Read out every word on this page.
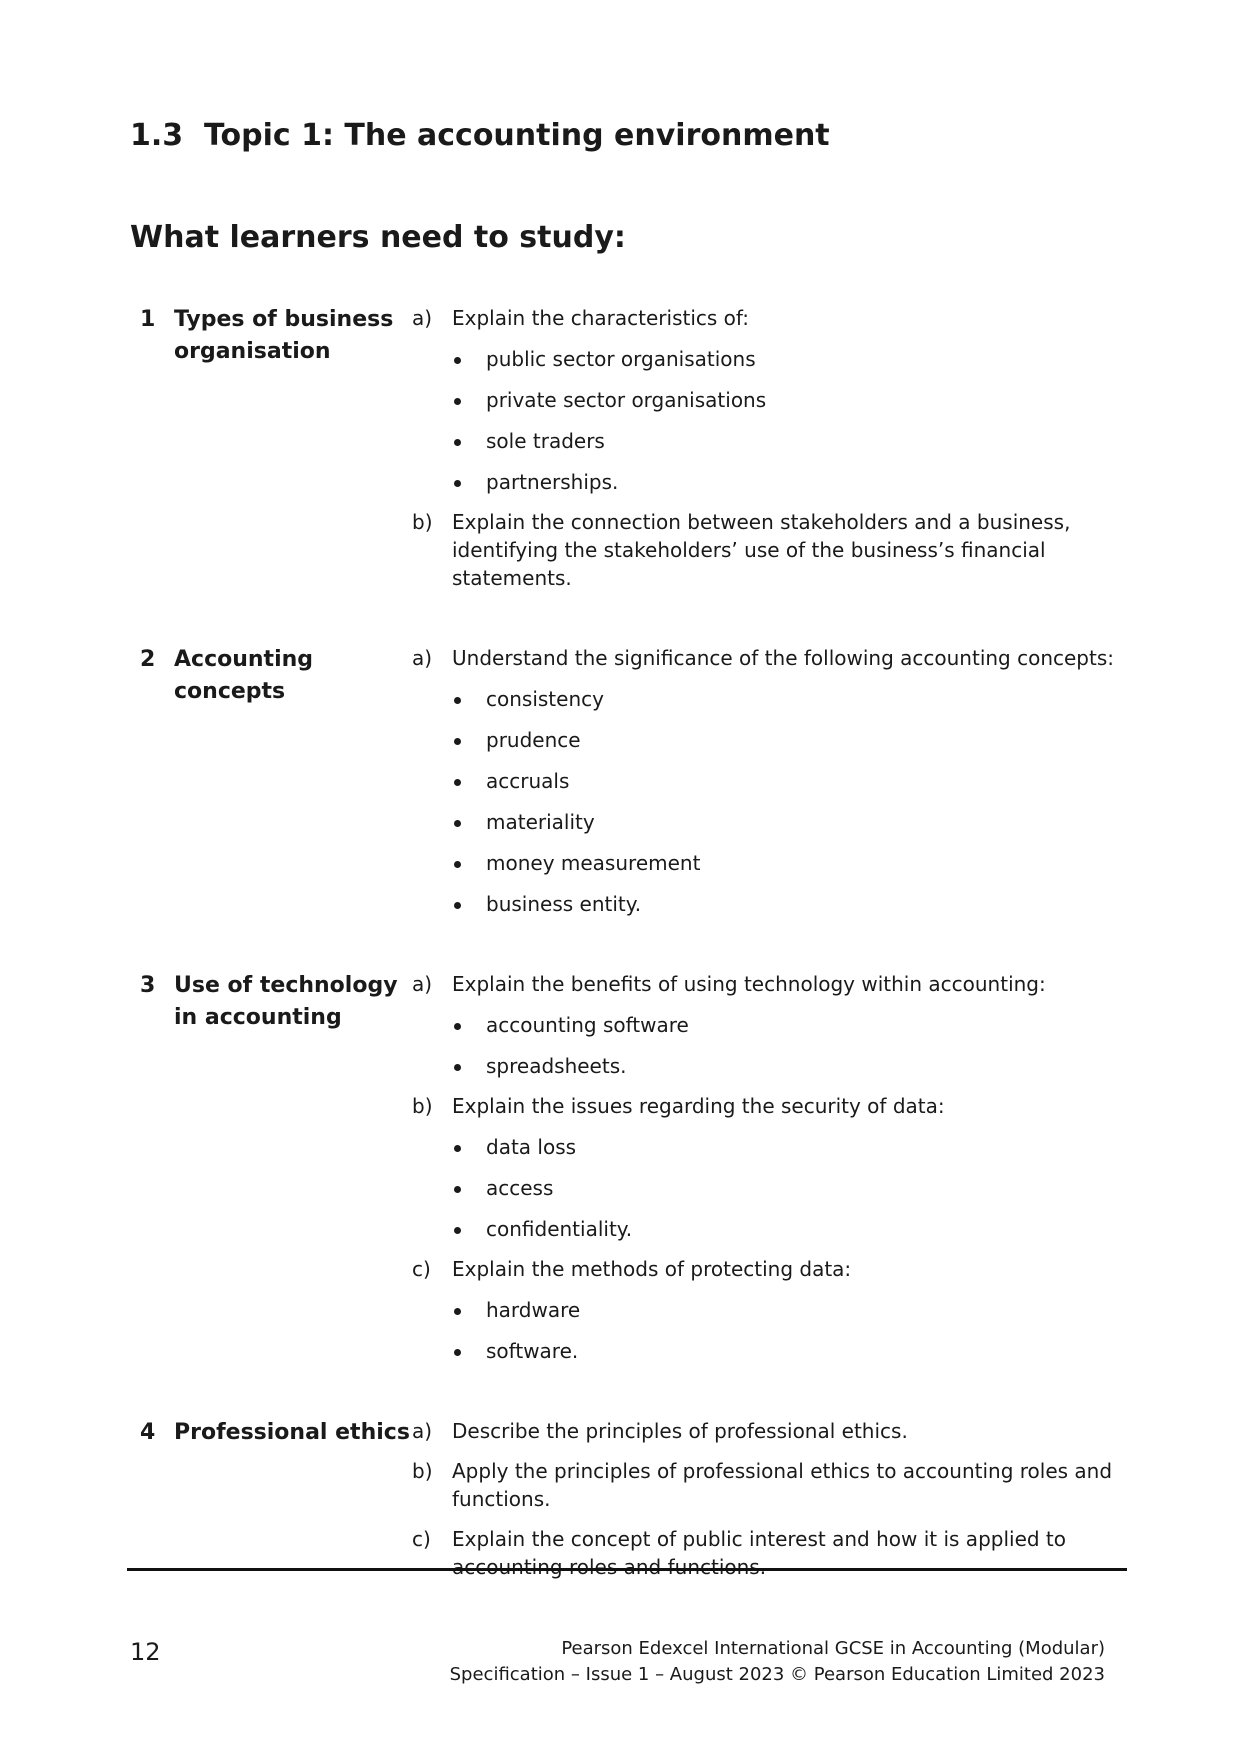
1.3 Topic 1: The accounting environment
What learners need to study:
1 Types of business organisation
a) Explain the characteristics of:
public sector organisations
private sector organisations
sole traders
partnerships.
b) Explain the connection between stakeholders and a business, identifying the stakeholders’ use of the business’s financial statements.
2 Accounting concepts
a) Understand the significance of the following accounting concepts:
consistency
prudence
accruals
materiality
money measurement
business entity.
3 Use of technology in accounting
a) Explain the benefits of using technology within accounting:
accounting software
spreadsheets.
b) Explain the issues regarding the security of data:
data loss
access
confidentiality.
c)	Explain the methods of protecting data:
hardware
software.
4 Professional ethics a) Describe the principles of professional ethics.
b) Apply the principles of professional ethics to accounting roles and functions.
c)	Explain the concept of public interest and how it is applied to accounting roles and functions.
12	Pearson Edexcel International GCSE in Accounting (Modular)
Specification – Issue 1 – August 2023 © Pearson Education Limited 2023
